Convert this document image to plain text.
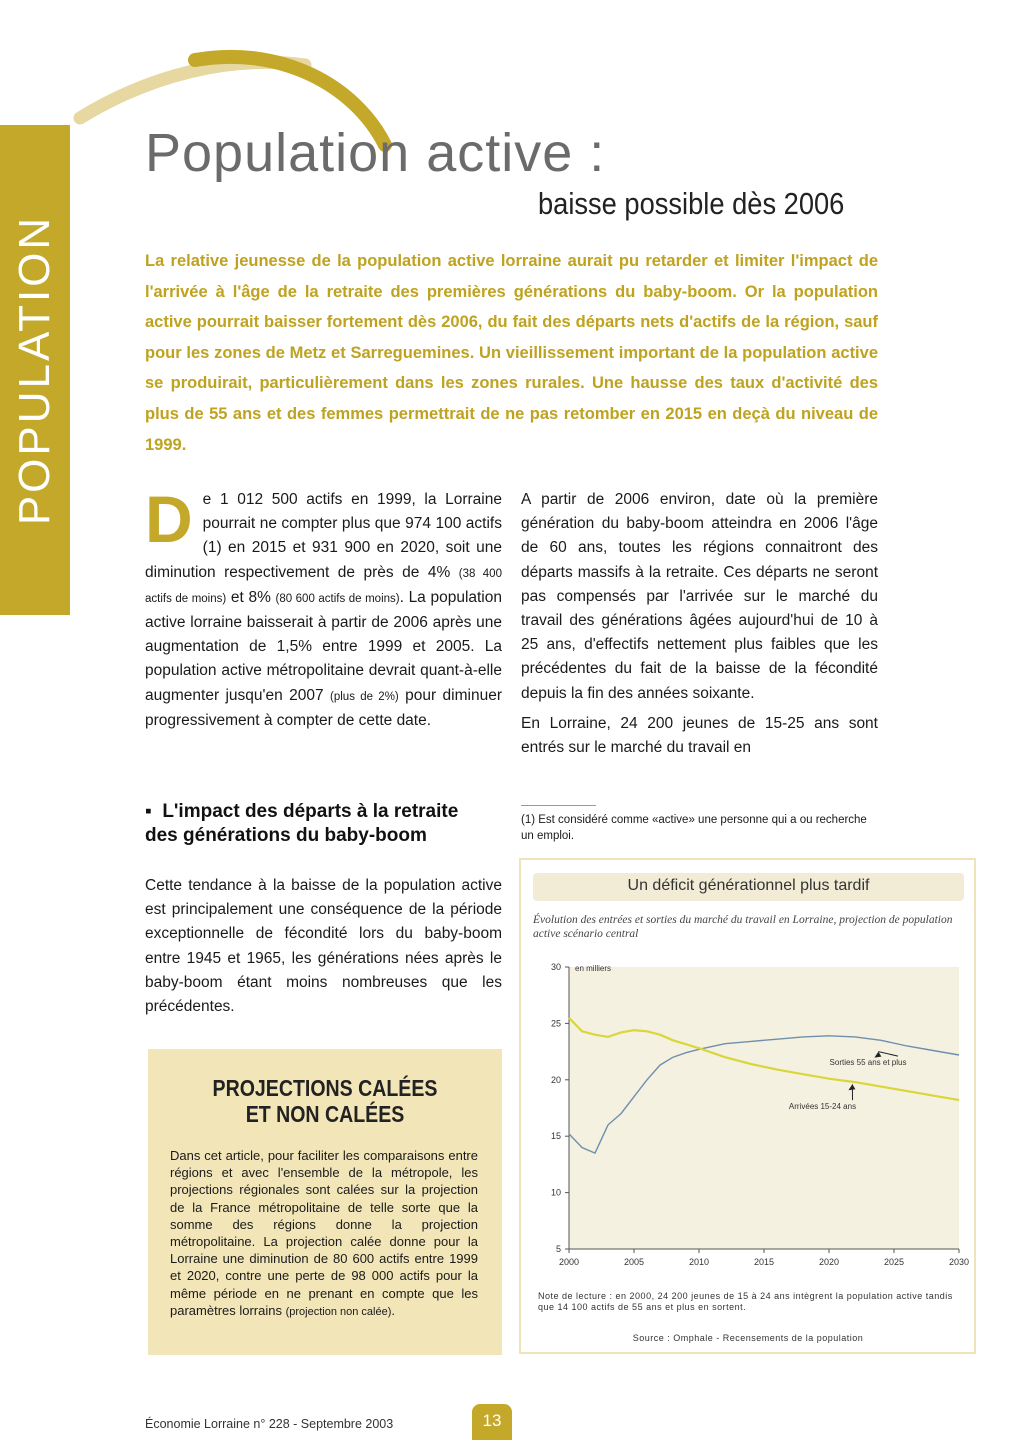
POPULATION
Population active :
baisse possible dès 2006
La relative jeunesse de la population active lorraine aurait pu retarder et limiter l'impact de l'arrivée à l'âge de la retraite des premières générations du baby-boom. Or la population active pourrait baisser fortement dès 2006, du fait des départs nets d'actifs de la région, sauf pour les zones de Metz et Sarreguemines. Un vieillissement important de la population active se produirait, particulièrement dans les zones rurales. Une hausse des taux d'activité des plus de 55 ans et des femmes permettrait de ne pas retomber en 2015 en deçà du niveau de 1999.
De 1 012 500 actifs en 1999, la Lorraine pourrait ne compter plus que 974 100 actifs (1) en 2015 et 931 900 en 2020, soit une diminution respectivement de près de 4% (38 400 actifs de moins) et 8% (80 600 actifs de moins). La population active lorraine baisserait à partir de 2006 après une augmentation de 1,5% entre 1999 et 2005. La population active métropolitaine devrait quant-à-elle augmenter jusqu'en 2007 (plus de 2%) pour diminuer progressivement à compter de cette date.
▪ L'impact des départs à la retraite des générations du baby-boom
Cette tendance à la baisse de la population active est principalement une conséquence de la période exceptionnelle de fécondité lors du baby-boom entre 1945 et 1965, les générations nées après le baby-boom étant moins nombreuses que les précédentes.
A partir de 2006 environ, date où la première génération du baby-boom atteindra en 2006 l'âge de 60 ans, toutes les régions connaitront des départs massifs à la retraite. Ces départs ne seront pas compensés par l'arrivée sur le marché du travail des générations âgées aujourd'hui de 10 à 25 ans, d'effectifs nettement plus faibles que les précédentes du fait de la baisse de la fécondité depuis la fin des années soixante.
En Lorraine, 24 200 jeunes de 15-25 ans sont entrés sur le marché du travail en
(1) Est considéré comme «active» une personne qui a ou recherche un emploi.
PROJECTIONS CALÉES
ET NON CALÉES
Dans cet article, pour faciliter les comparaisons entre régions et avec l'ensemble de la métropole, les projections régionales sont calées sur la projection de la France métropolitaine de telle sorte que la somme des régions donne la projection métropolitaine. La projection calée donne pour la Lorraine une diminution de 80 600 actifs entre 1999 et 2020, contre une perte de 98 000 actifs pour la même période en ne prenant en compte que les paramètres lorrains (projection non calée).
Un déficit générationnel plus tardif
Évolution des entrées et sorties du marché du travail en Lorraine, projection de population active scénario central
5
10
15
20
25
30
2000	2005	2010	2015	2020	2025	2030
en milliers
Sorties 55 ans et plus
Arrivées 15-24 ans
Note de lecture : en 2000, 24 200 jeunes de 15 à 24 ans intègrent la population active tandis que 14 100 actifs de 55 ans et plus en sortent.
Source : Omphale - Recensements de la population
Économie Lorraine n° 228 - Septembre 2003	13
